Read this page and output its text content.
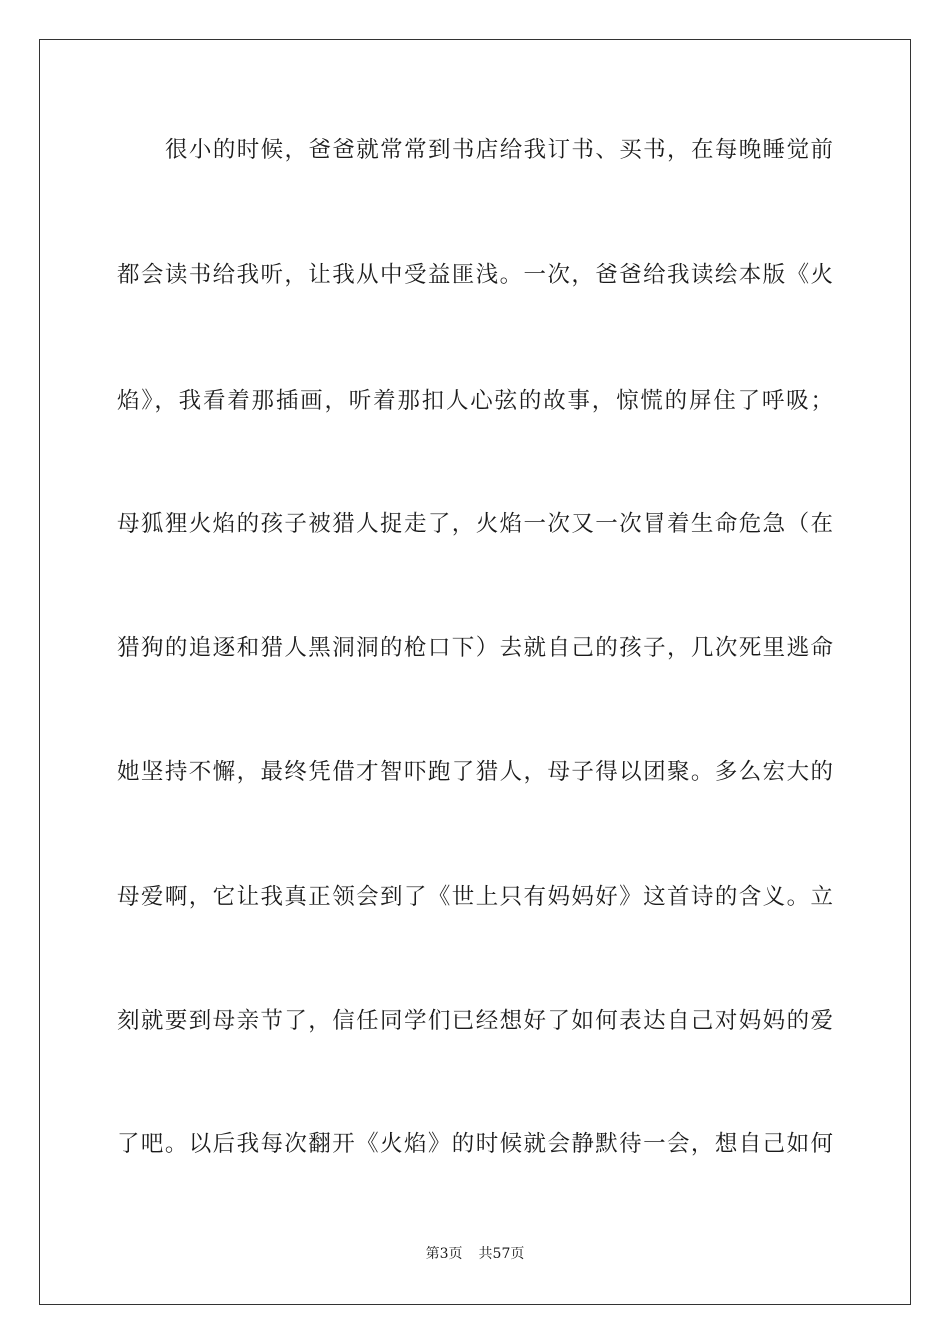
很小的时候，爸爸就常常到书店给我订书、买书，在每晚睡觉前
都会读书给我听，让我从中受益匪浅。一次，爸爸给我读绘本版《火
焰》，我看着那插画，听着那扣人心弦的故事，惊慌的屏住了呼吸；
母狐狸火焰的孩子被猎人捉走了，火焰一次又一次冒着生命危急（在
猎狗的追逐和猎人黑洞洞的枪口下）去就自己的孩子，几次死里逃命
她坚持不懈，最终凭借才智吓跑了猎人，母子得以团聚。多么宏大的
母爱啊，它让我真正领会到了《世上只有妈妈好》这首诗的含义。立
刻就要到母亲节了，信任同学们已经想好了如何表达自己对妈妈的爱
了吧。以后我每次翻开《火焰》的时候就会静默待一会，想自己如何
第3页 共57页
